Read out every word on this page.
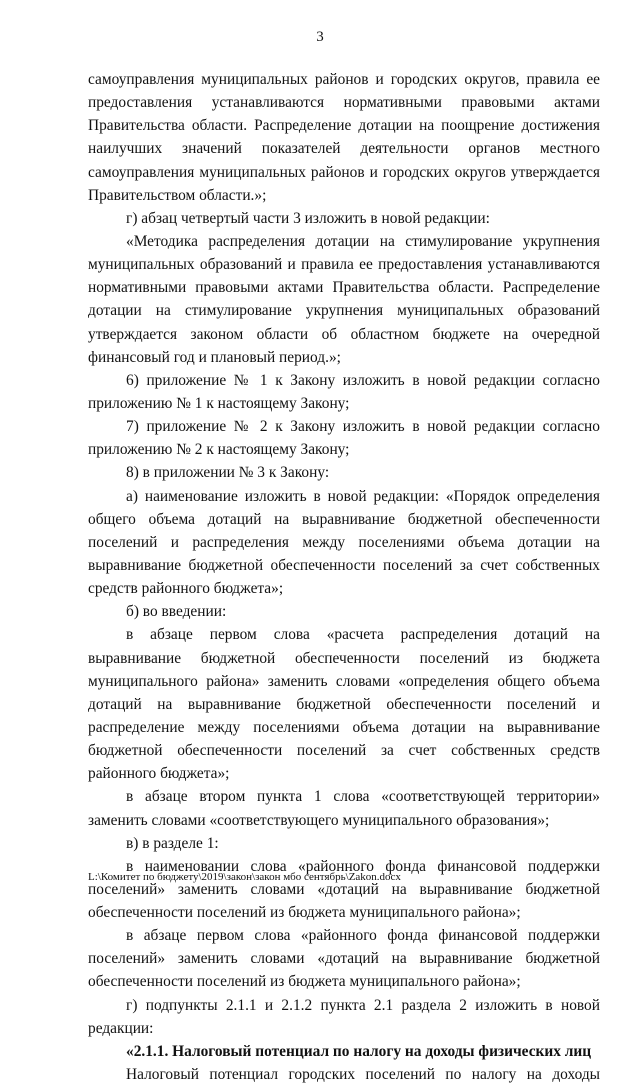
3
самоуправления муниципальных районов и городских округов, правила ее
предоставления устанавливаются нормативными правовыми актами
Правительства области. Распределение дотации на поощрение достижения
наилучших значений показателей деятельности органов местного
самоуправления муниципальных районов и городских округов утверждается
Правительством области.»;
г) абзац четвертый части 3 изложить в новой редакции:
«Методика распределения дотации на стимулирование укрупнения
муниципальных образований и правила ее предоставления устанавливаются
нормативными правовыми актами Правительства области. Распределение
дотации на стимулирование укрупнения муниципальных образований
утверждается законом области об областном бюджете на очередной
финансовый год и плановый период.»;
6) приложение № 1 к Закону изложить в новой редакции согласно
приложению № 1 к настоящему Закону;
7) приложение № 2 к Закону изложить в новой редакции согласно
приложению № 2 к настоящему Закону;
8) в приложении № 3 к Закону:
а) наименование изложить в новой редакции: «Порядок определения
общего объема дотаций на выравнивание бюджетной обеспеченности
поселений и распределения между поселениями объема дотации на
выравнивание бюджетной обеспеченности поселений за счет собственных
средств районного бюджета»;
б) во введении:
в абзаце первом слова «расчета распределения дотаций на
выравнивание бюджетной обеспеченности поселений из бюджета
муниципального района» заменить словами «определения общего объема
дотаций на выравнивание бюджетной обеспеченности поселений и
распределение между поселениями объема дотации на выравнивание
бюджетной обеспеченности поселений за счет собственных средств
районного бюджета»;
в абзаце втором пункта 1 слова «соответствующей территории»
заменить словами «соответствующего муниципального образования»;
в) в разделе 1:
в наименовании слова «районного фонда финансовой поддержки
поселений» заменить словами «дотаций на выравнивание бюджетной
обеспеченности поселений из бюджета муниципального района»;
в абзаце первом слова «районного фонда финансовой поддержки
поселений» заменить словами «дотаций на выравнивание бюджетной
обеспеченности поселений из бюджета муниципального района»;
г) подпункты 2.1.1 и 2.1.2 пункта 2.1 раздела 2 изложить в новой
редакции:
«2.1.1. Налоговый потенциал по налогу на доходы физических лиц
Налоговый потенциал городских поселений по налогу на доходы
L:\Комитет по бюджету\2019\закон\закон мбо сентябрь\Zakon.docx
